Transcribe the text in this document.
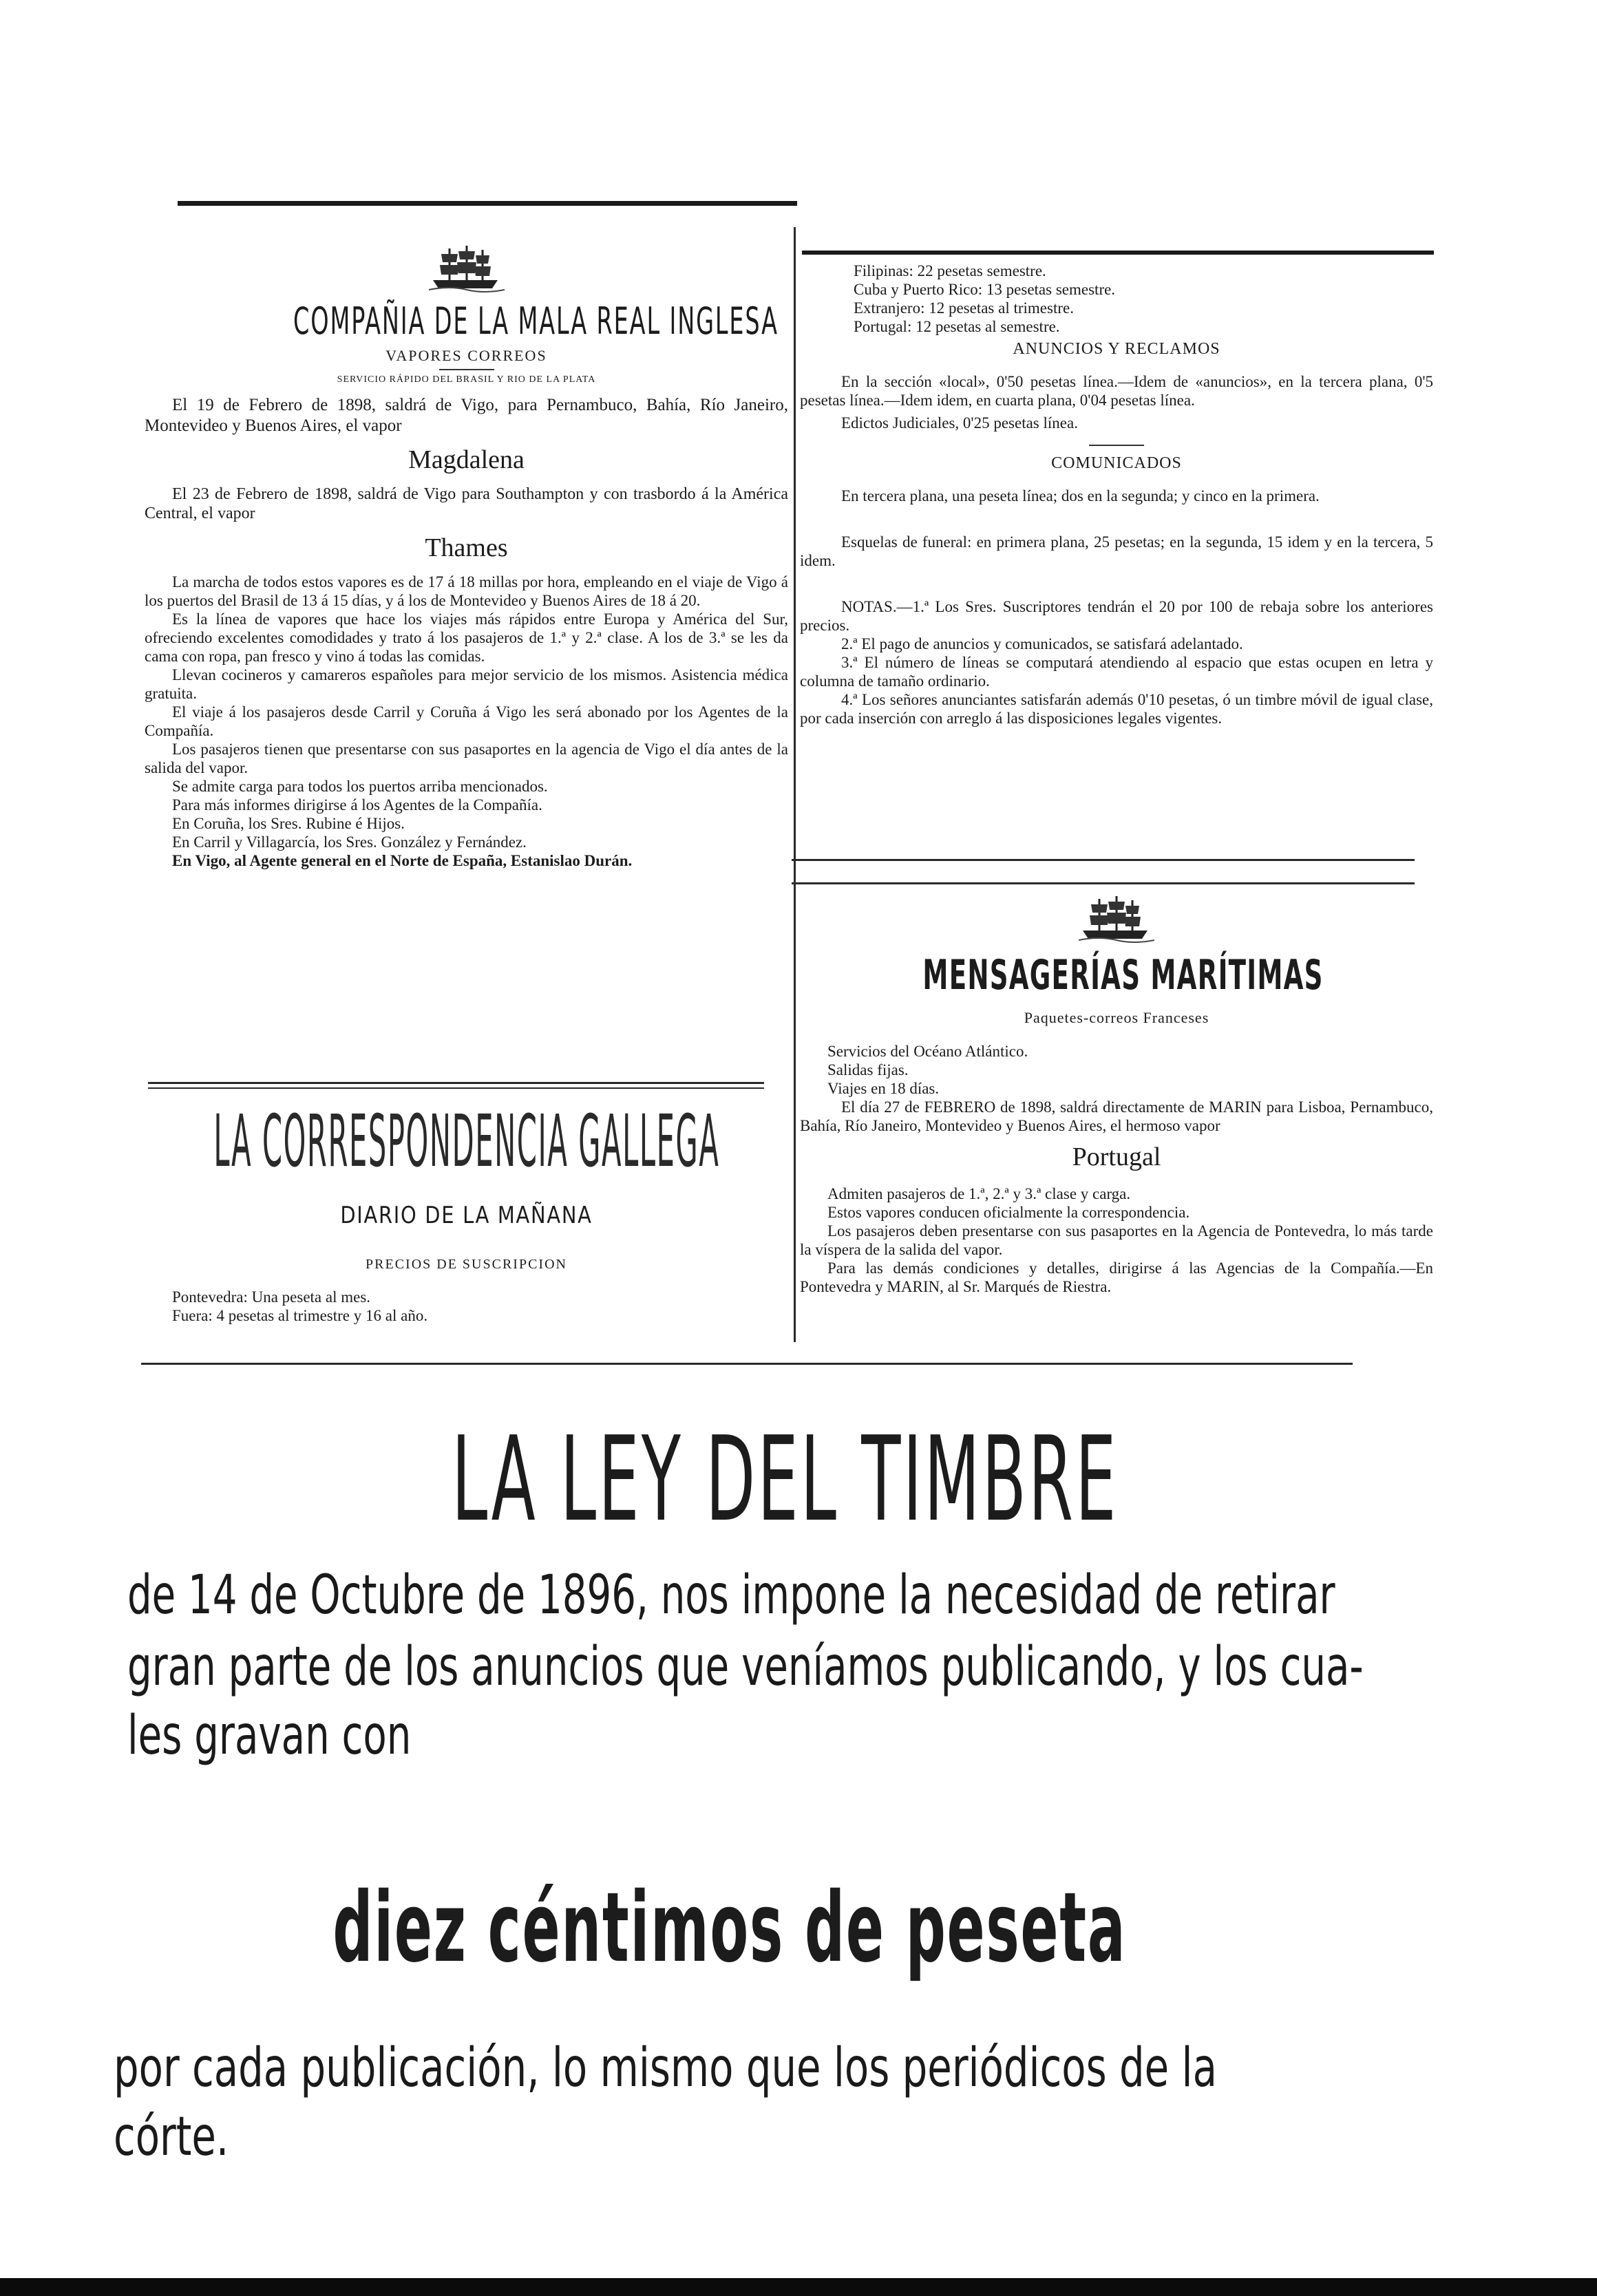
COMPAÑIA DE LA MALA REAL INGLESA
VAPORES CORREOS
SERVICIO RÁPIDO DEL BRASIL Y RIO DE LA PLATA

El 19 de Febrero de 1898, saldrá de Vigo, para Pernambuco, Bahía, Río Janeiro, Montevideo y Buenos Aires, el vapor

Magdalena

El 23 de Febrero de 1898, saldrá de Vigo para Southampton y con trasbordo á la América Central, el vapor

Thames

La marcha de todos estos vapores es de 17 á 18 millas por hora, empleando en el viaje de Vigo á los puertos del Brasil de 13 á 15 días, y á los de Montevideo y Buenos Aires de 18 á 20.

Es la línea de vapores que hace los viajes más rápidos entre Europa y América del Sur, ofreciendo excelentes comodidades y trato á los pasajeros de 1.ª y 2.ª clase. A los de 3.ª se les da cama con ropa, pan fresco y vino á todas las comidas.

Llevan cocineros y camareros españoles para mejor servicio de los mismos. Asistencia médica gratuita.

El viaje á los pasajeros desde Carril y Coruña á Vigo les será abonado por los Agentes de la Compañía.

Los pasajeros tienen que presentarse con sus pasaportes en la agencia de Vigo el día antes de la salida del vapor.

Se admite carga para todos los puertos arriba mencionados.

Para más informes dirigirse á los Agentes de la Compañía.

En Coruña, los Sres. Rubine é Hijos.

En Carril y Villagarcía, los Sres. González y Fernández.

En Vigo, al Agente general en el Norte de España, Estanislao Durán.

LA CORRESPONDENCIA GALLEGA
DIARIO DE LA MAÑANA
PRECIOS DE SUSCRIPCION

Pontevedra: Una peseta al mes.

Fuera: 4 pesetas al trimestre y 16 al año.

Filipinas: 22 pesetas semestre.

Cuba y Puerto Rico: 13 pesetas semestre.

Extranjero: 12 pesetas al trimestre.

Portugal: 12 pesetas al semestre.

ANUNCIOS Y RECLAMOS

En la sección «local», 0'50 pesetas línea.—Idem de «anuncios», en la tercera plana, 0'5 pesetas línea.—Idem idem, en cuarta plana, 0'04 pesetas línea.

Edictos Judiciales, 0'25 pesetas línea.

COMUNICADOS

En tercera plana, una peseta línea; dos en la segunda; y cinco en la primera.

Esquelas de funeral: en primera plana, 25 pesetas; en la segunda, 15 idem y en la tercera, 5 idem.

NOTAS.—1.ª Los Sres. Suscriptores tendrán el 20 por 100 de rebaja sobre los anteriores precios.

2.ª El pago de anuncios y comunicados, se satisfará adelantado.

3.ª El número de líneas se computará atendiendo al espacio que estas ocupen en letra y columna de tamaño ordinario.

4.ª Los señores anunciantes satisfarán además 0'10 pesetas, ó un timbre móvil de igual clase, por cada inserción con arreglo á las disposiciones legales vigentes.

MENSAGERÍAS MARÍTIMAS
Paquetes-correos Franceses

Servicios del Océano Atlántico.

Salidas fijas.

Viajes en 18 días.

El día 27 de FEBRERO de 1898, saldrá directamente de MARIN para Lisboa, Pernambuco, Bahía, Río Janeiro, Montevideo y Buenos Aires, el hermoso vapor

Portugal

Admiten pasajeros de 1.ª, 2.ª y 3.ª clase y carga.

Estos vapores conducen oficialmente la correspondencia.

Los pasajeros deben presentarse con sus pasaportes en la Agencia de Pontevedra, lo más tarde la víspera de la salida del vapor.

Para las demás condiciones y detalles, dirigirse á las Agencias de la Compañía.—En Pontevedra y MARIN, al Sr. Marqués de Riestra.

LA LEY DEL TIMBRE
de 14 de Octubre de 1896, nos impone la necesidad de retirar
gran parte de los anuncios que veníamos publicando, y los cua-
les gravan con
diez céntimos de peseta
por cada publicación, lo mismo que los periódicos de la
córte.
